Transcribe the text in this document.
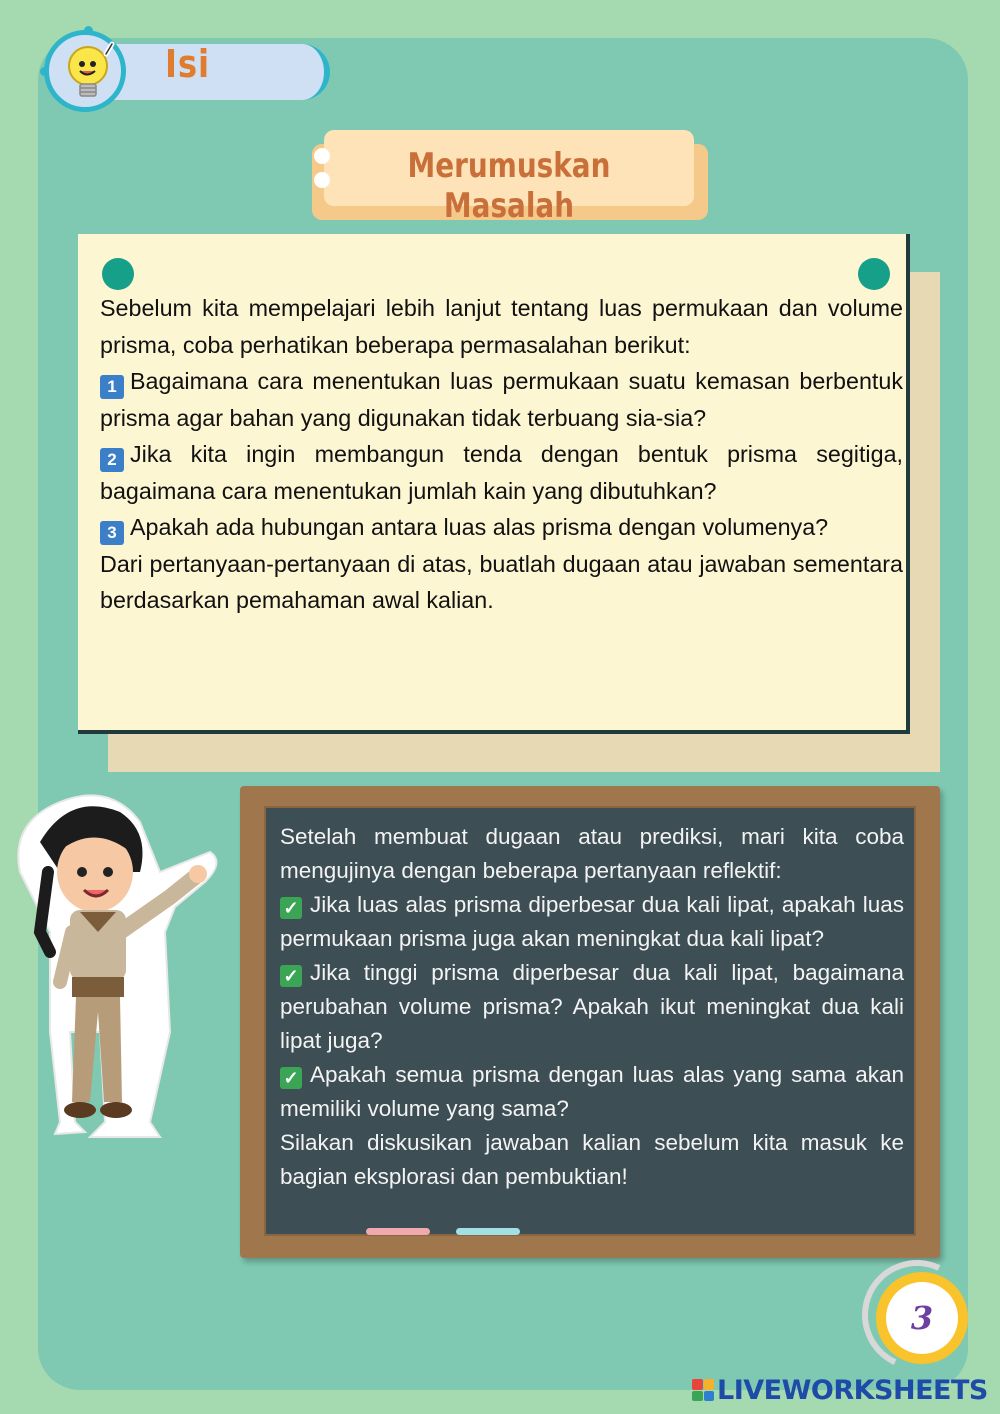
Isi
Merumuskan Masalah

Sebelum kita mempelajari lebih lanjut tentang luas permukaan dan volume prisma, coba perhatikan beberapa permasalahan berikut:

1 Bagaimana cara menentukan luas permukaan suatu kemasan berbentuk prisma agar bahan yang digunakan tidak terbuang sia-sia?

2 Jika kita ingin membangun tenda dengan bentuk prisma segitiga, bagaimana cara menentukan jumlah kain yang dibutuhkan?

3 Apakah ada hubungan antara luas alas prisma dengan volumenya?

Dari pertanyaan-pertanyaan di atas, buatlah dugaan atau jawaban sementara berdasarkan pemahaman awal kalian.

Setelah membuat dugaan atau prediksi, mari kita coba mengujinya dengan beberapa pertanyaan reflektif:

✓ Jika luas alas prisma diperbesar dua kali lipat, apakah luas permukaan prisma juga akan meningkat dua kali lipat?

✓ Jika tinggi prisma diperbesar dua kali lipat, bagaimana perubahan volume prisma? Apakah ikut meningkat dua kali lipat juga?

✓ Apakah semua prisma dengan luas alas yang sama akan memiliki volume yang sama?

Silakan diskusikan jawaban kalian sebelum kita masuk ke bagian eksplorasi dan pembuktian!

3
LIVEWORKSHEETS
